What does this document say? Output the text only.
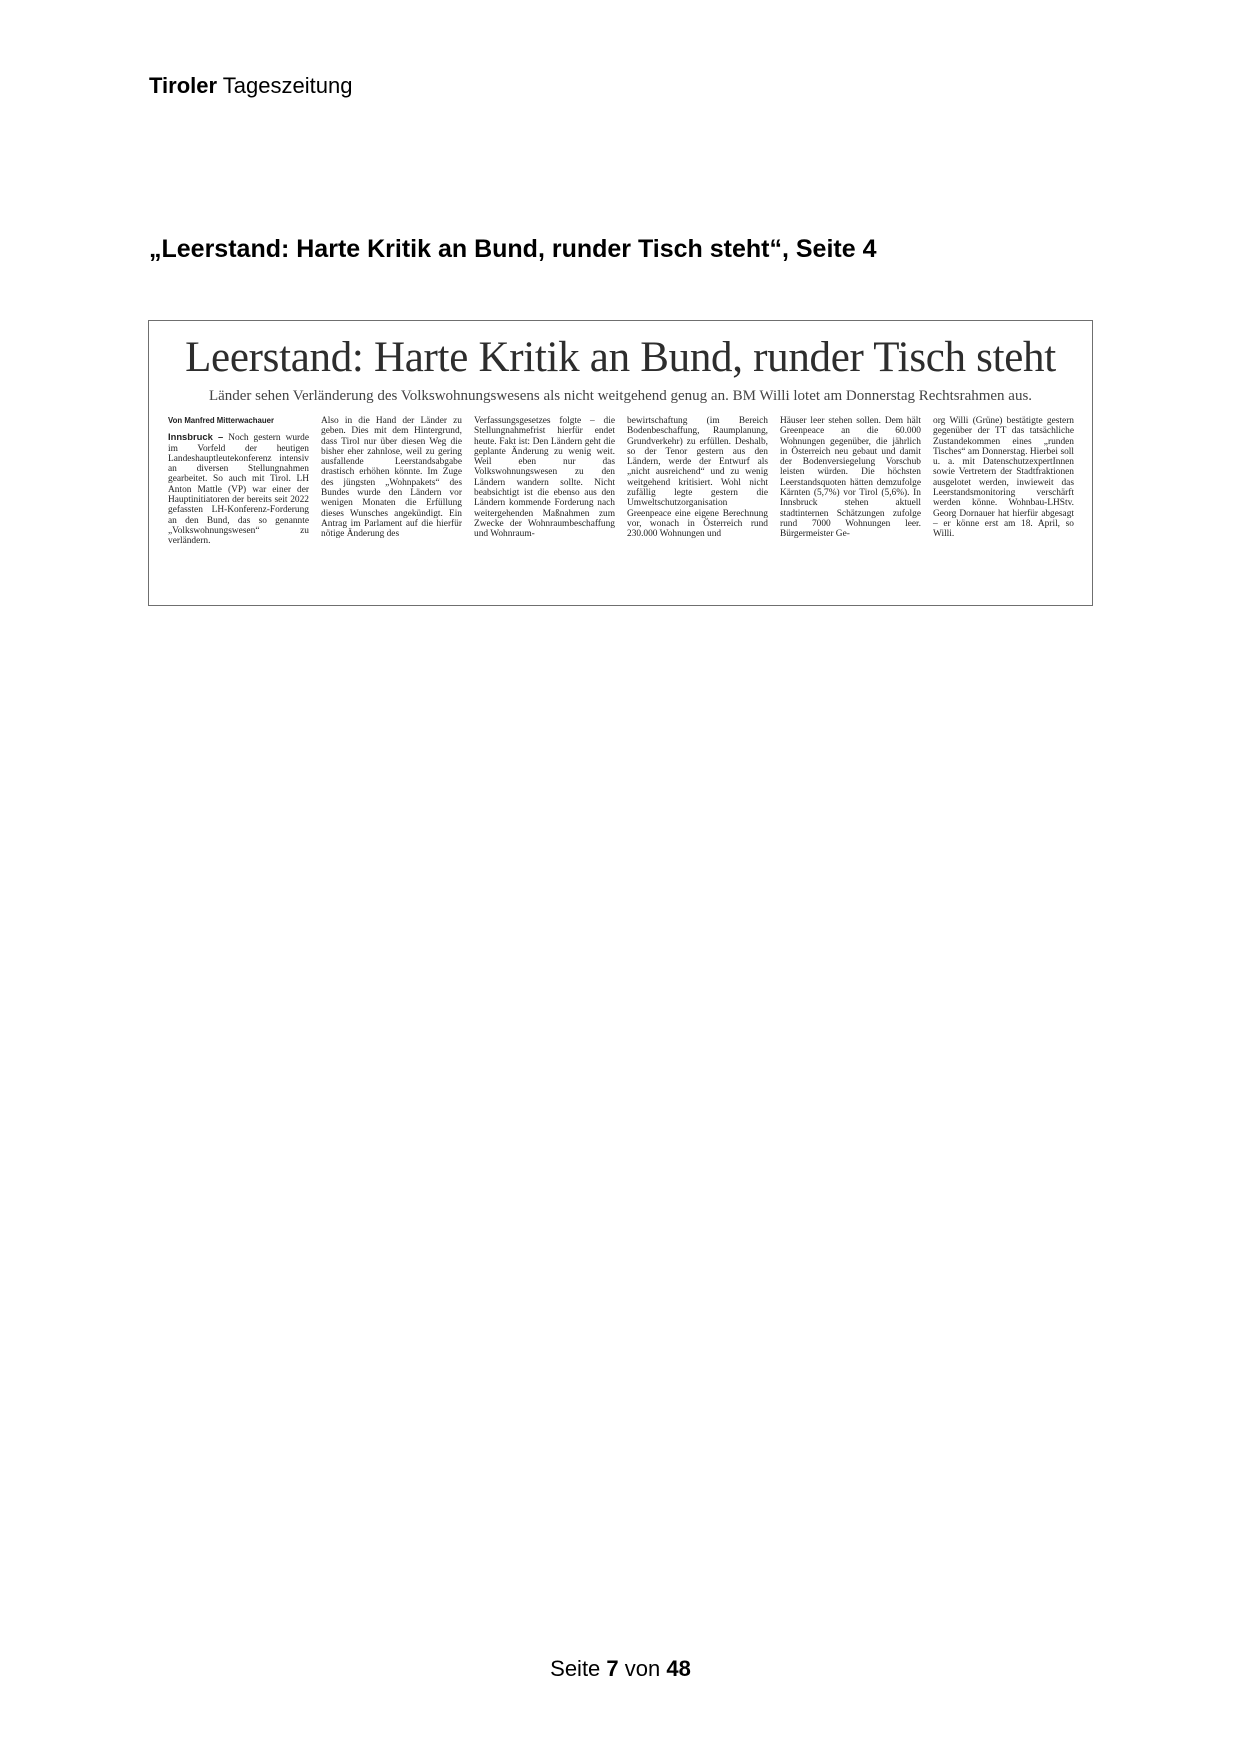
Tiroler Tageszeitung
„Leerstand: Harte Kritik an Bund, runder Tisch steht“, Seite 4
Leerstand: Harte Kritik an Bund, runder Tisch steht
Länder sehen Verländerung des Volkswohnungswesens als nicht weitgehend genug an. BM Willi lotet am Donnerstag Rechtsrahmen aus.
Von Manfred Mitterwachauer
Innsbruck – Noch gestern wurde im Vorfeld der heutigen Landeshauptleutekonferenz intensiv an diversen Stellungnahmen gearbeitet. So auch mit Tirol. LH Anton Mattle (VP) war einer der Hauptinitiatoren der bereits seit 2022 gefassten LH-Konferenz-Forderung an den Bund, das so genannte „Volkswohnungswesen“ zu verländern.
Also in die Hand der Länder zu geben. Dies mit dem Hintergrund, dass Tirol nur über diesen Weg die bisher eher zahnlose, weil zu gering ausfallende Leerstandsabgabe drastisch erhöhen könnte. Im Zuge des jüngsten „Wohnpakets“ des Bundes wurde den Ländern vor wenigen Monaten die Erfüllung dieses Wunsches angekündigt. Ein Antrag im Parlament auf die hierfür nötige Änderung des
Verfassungsgesetzes folgte – die Stellungnahmefrist hierfür endet heute. Fakt ist: Den Ländern geht die geplante Änderung zu wenig weit. Weil eben nur das Volkswohnungswesen zu den Ländern wandern sollte. Nicht beabsichtigt ist die ebenso aus den Ländern kommende Forderung nach weitergehenden Maßnahmen zum Zwecke der Wohnraumbeschaffung und Wohnraum-
bewirtschaftung (im Bereich Bodenbeschaffung, Raumplanung, Grundverkehr) zu erfüllen. Deshalb, so der Tenor gestern aus den Ländern, werde der Entwurf als „nicht ausreichend“ und zu wenig weitgehend kritisiert. Wohl nicht zufällig legte gestern die Umweltschutzorganisation Greenpeace eine eigene Berechnung vor, wonach in Österreich rund 230.000 Wohnungen und
Häuser leer stehen sollen. Dem hält Greenpeace an die 60.000 Wohnungen gegenüber, die jährlich in Österreich neu gebaut und damit der Bodenversiegelung Vorschub leisten würden. Die höchsten Leerstandsquoten hätten demzufolge Kärnten (5,7%) vor Tirol (5,6%). In Innsbruck stehen aktuell stadtinternen Schätzungen zufolge rund 7000 Wohnungen leer. Bürgermeister Ge-
org Willi (Grüne) bestätigte gestern gegenüber der TT das tatsächliche Zustandekommen eines „runden Tisches“ am Donnerstag. Hierbei soll u. a. mit DatenschutzexpertInnen sowie Vertretern der Stadtfraktionen ausgelotet werden, inwieweit das Leerstandsmonitoring verschärft werden könne. Wohnbau-LHStv. Georg Dornauer hat hierfür abgesagt – er könne erst am 18. April, so Willi.
Seite 7 von 48
